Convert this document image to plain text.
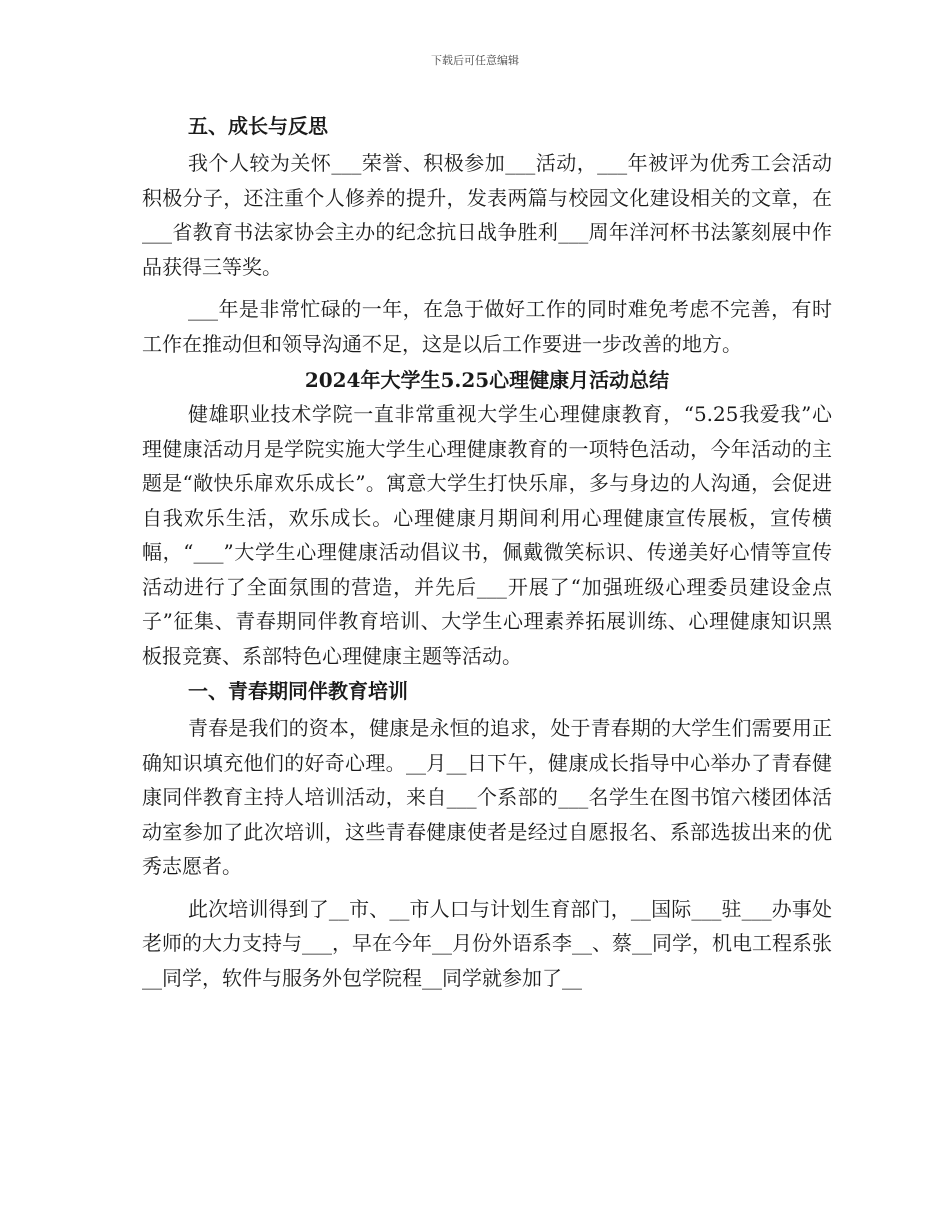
下载后可任意编辑
五、成长与反思

我个人较为关怀___荣誉、积极参加___活动，___年被评为优秀工会活动积极分子，还注重个人修养的提升，发表两篇与校园文化建设相关的文章，在___省教育书法家协会主办的纪念抗日战争胜利___周年洋河杯书法篆刻展中作品获得三等奖。

___年是非常忙碌的一年，在急于做好工作的同时难免考虑不完善，有时工作在推动但和领导沟通不足，这是以后工作要进一步改善的地方。

2024年大学生5.25心理健康月活动总结

健雄职业技术学院一直非常重视大学生心理健康教育，“5.25我爱我”心理健康活动月是学院实施大学生心理健康教育的一项特色活动，今年活动的主题是“敞快乐扉欢乐成长”。寓意大学生打快乐扉，多与身边的人沟通，会促进自我欢乐生活，欢乐成长。心理健康月期间利用心理健康宣传展板，宣传横幅，“___”大学生心理健康活动倡议书，佩戴微笑标识、传递美好心情等宣传活动进行了全面氛围的营造，并先后___开展了“加强班级心理委员建设金点子”征集、青春期同伴教育培训、大学生心理素养拓展训练、心理健康知识黑板报竞赛、系部特色心理健康主题等活动。

一、青春期同伴教育培训

青春是我们的资本，健康是永恒的追求，处于青春期的大学生们需要用正确知识填充他们的好奇心理。__月__日下午，健康成长指导中心举办了青春健康同伴教育主持人培训活动，来自___个系部的___名学生在图书馆六楼团体活动室参加了此次培训，这些青春健康使者是经过自愿报名、系部选拔出来的优秀志愿者。

此次培训得到了__市、__市人口与计划生育部门，__国际___驻___办事处老师的大力支持与___，早在今年__月份外语系李__、蔡__同学，机电工程系张__同学，软件与服务外包学院程__同学就参加了__
